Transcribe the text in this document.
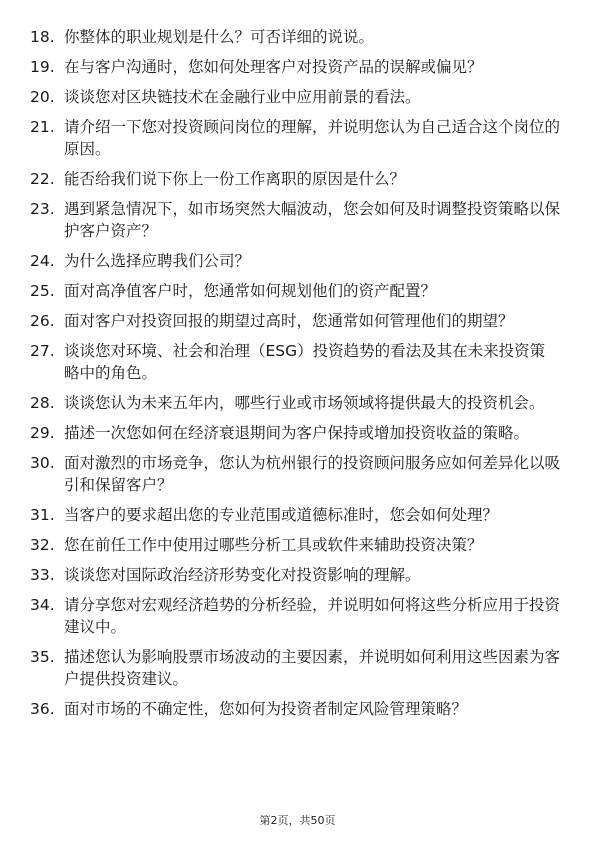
18. 你整体的职业规划是什么？可否详细的说说。
19. 在与客户沟通时，您如何处理客户对投资产品的误解或偏见？
20. 谈谈您对区块链技术在金融行业中应用前景的看法。
21. 请介绍一下您对投资顾问岗位的理解，并说明您认为自己适合这个岗位的原因。
22. 能否给我们说下你上一份工作离职的原因是什么？
23. 遇到紧急情况下，如市场突然大幅波动，您会如何及时调整投资策略以保护客户资产？
24. 为什么选择应聘我们公司？
25. 面对高净值客户时，您通常如何规划他们的资产配置？
26. 面对客户对投资回报的期望过高时，您通常如何管理他们的期望？
27. 谈谈您对环境、社会和治理（ESG）投资趋势的看法及其在未来投资策略中的角色。
28. 谈谈您认为未来五年内，哪些行业或市场领域将提供最大的投资机会。
29. 描述一次您如何在经济衰退期间为客户保持或增加投资收益的策略。
30. 面对激烈的市场竞争，您认为杭州银行的投资顾问服务应如何差异化以吸引和保留客户？
31. 当客户的要求超出您的专业范围或道德标准时，您会如何处理？
32. 您在前任工作中使用过哪些分析工具或软件来辅助投资决策？
33. 谈谈您对国际政治经济形势变化对投资影响的理解。
34. 请分享您对宏观经济趋势的分析经验，并说明如何将这些分析应用于投资建议中。
35. 描述您认为影响股票市场波动的主要因素，并说明如何利用这些因素为客户提供投资建议。
36. 面对市场的不确定性，您如何为投资者制定风险管理策略？
第2页，共50页
